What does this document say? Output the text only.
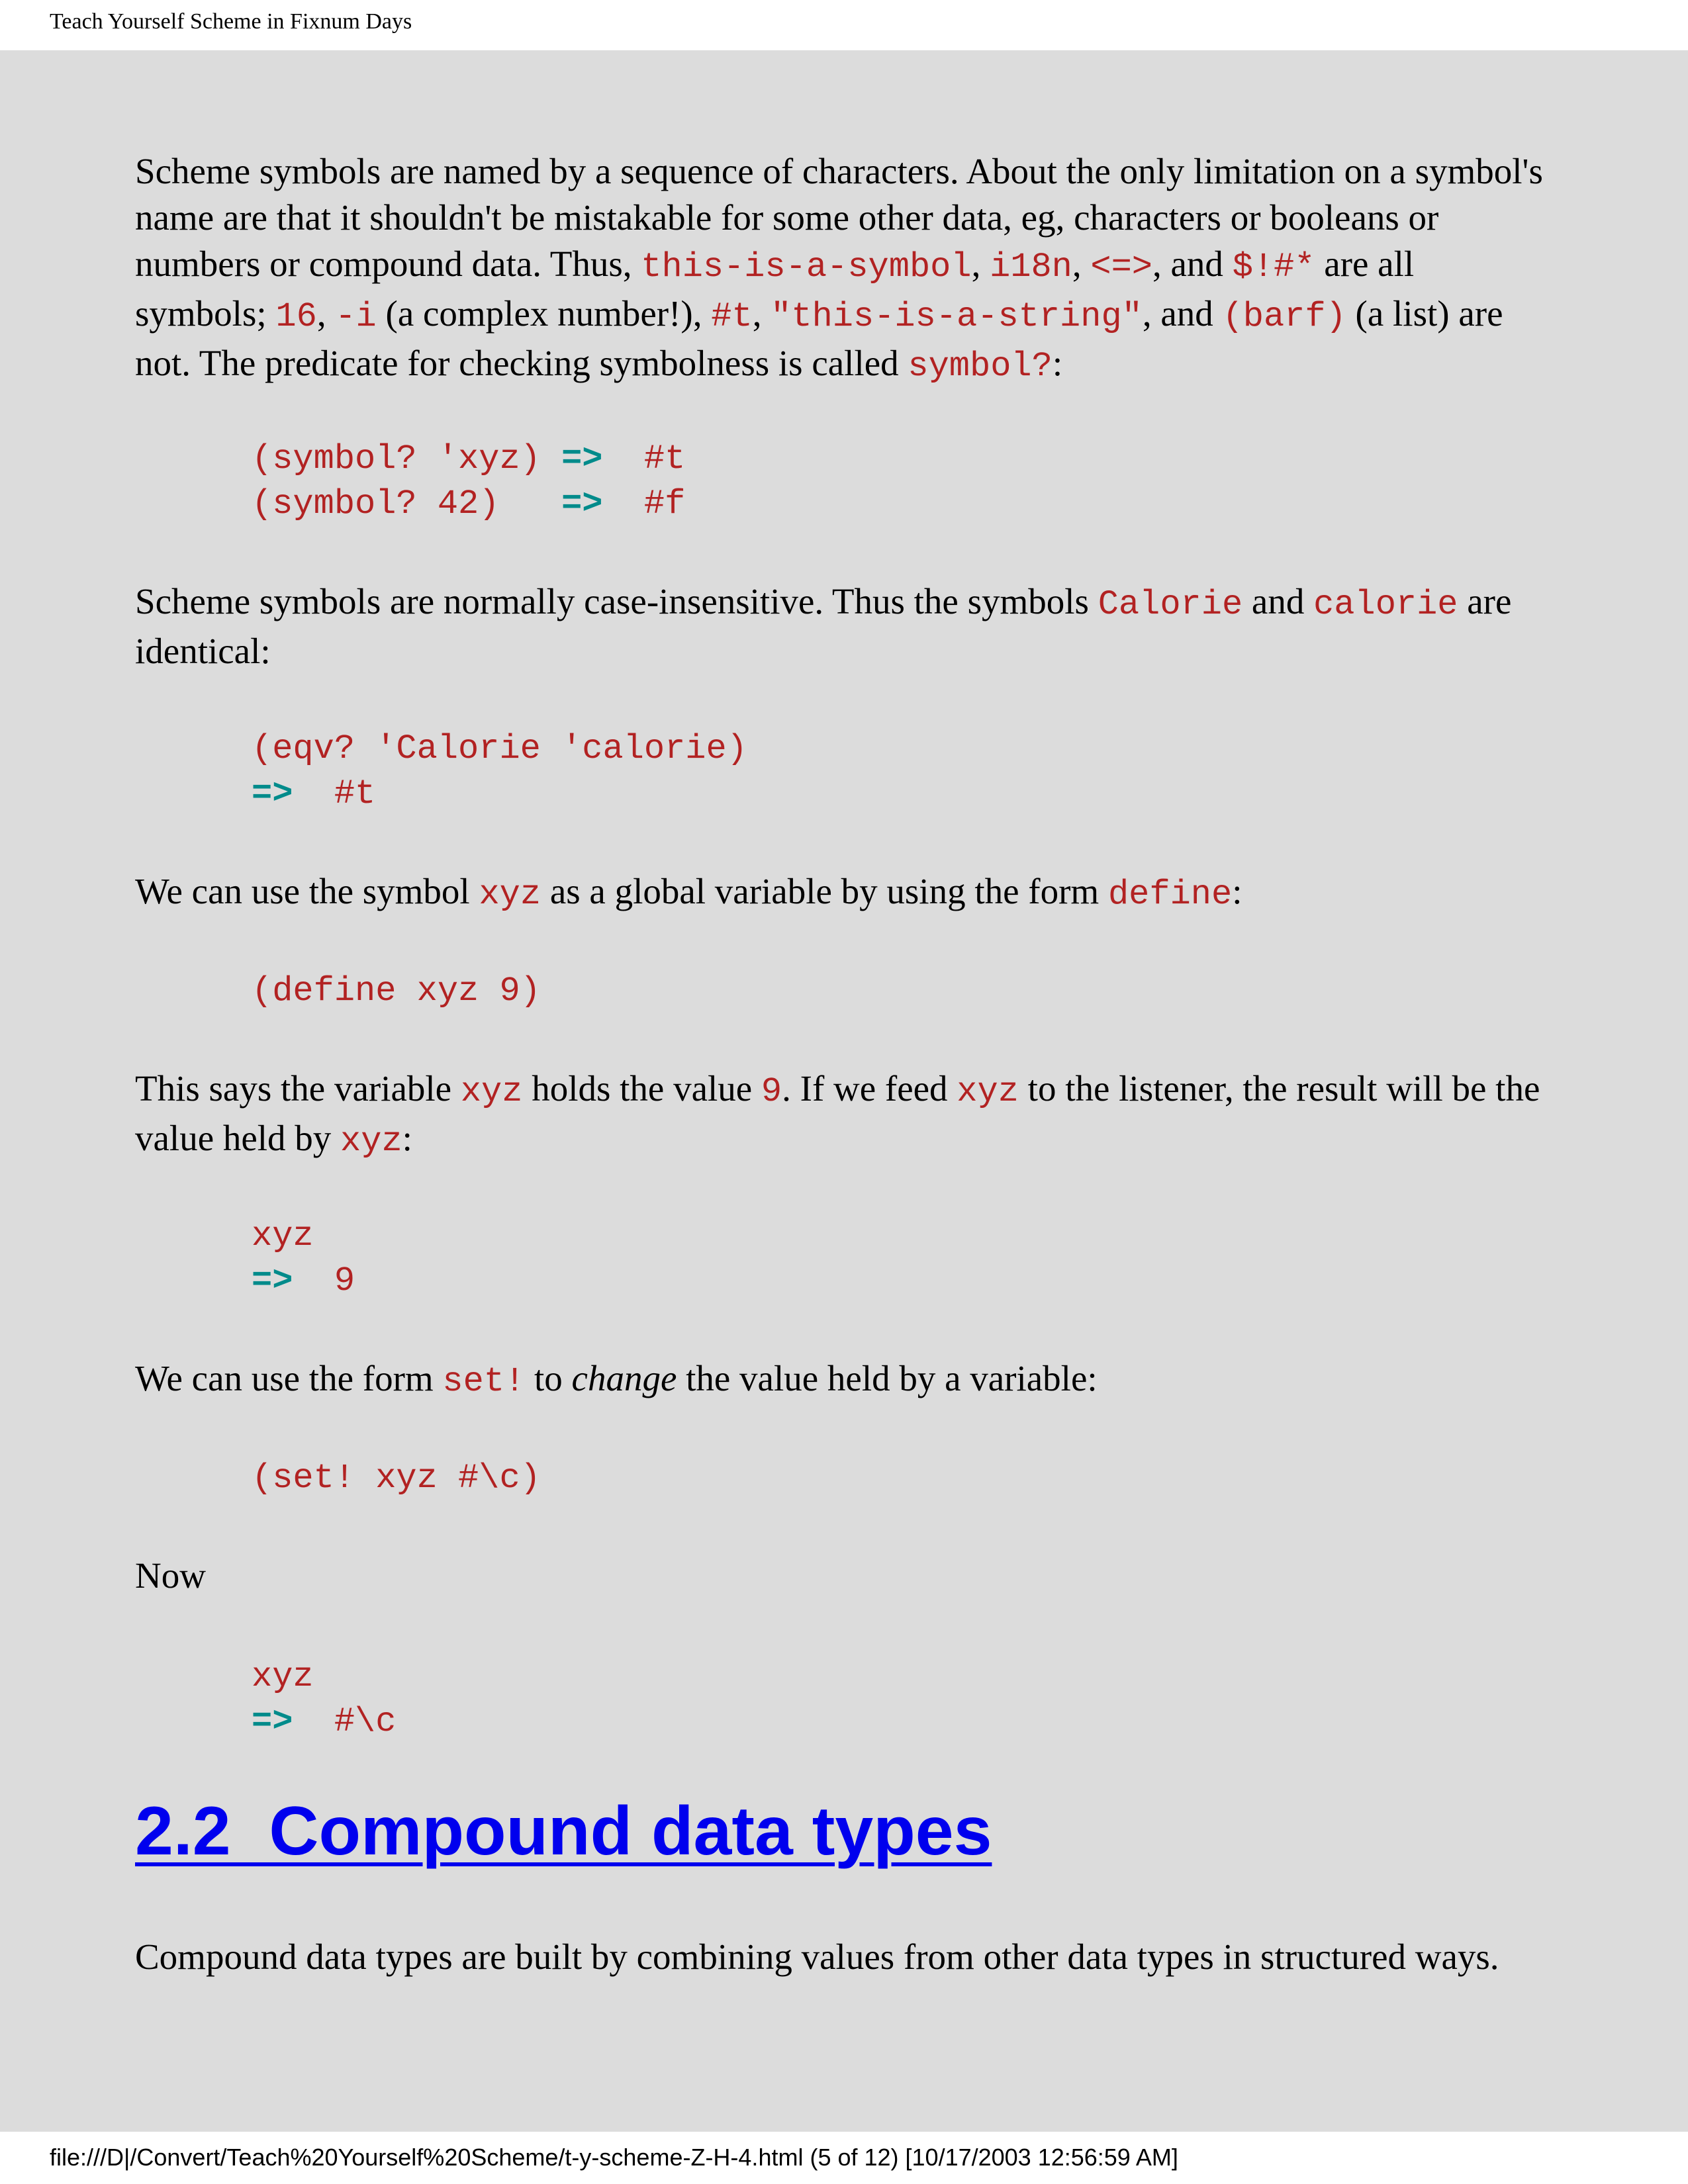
Teach Yourself Scheme in Fixnum Days

Scheme symbols are named by a sequence of characters. About the only limitation on a symbol's name are that it shouldn't be mistakable for some other data, eg, characters or booleans or numbers or compound data. Thus, this-is-a-symbol, i18n, <=>, and $!#* are all symbols; 16, -i (a complex number!), #t, "this-is-a-string", and (barf) (a list) are not. The predicate for checking symbolness is called symbol?:

(symbol? 'xyz) =>  #t
(symbol? 42)   =>  #f

Scheme symbols are normally case-insensitive. Thus the symbols Calorie and calorie are identical:

(eqv? 'Calorie 'calorie)
=>  #t

We can use the symbol xyz as a global variable by using the form define:

(define xyz 9)

This says the variable xyz holds the value 9. If we feed xyz to the listener, the result will be the value held by xyz:

xyz
=>  9

We can use the form set! to change the value held by a variable:

(set! xyz #\c)

Now

xyz
=>  #\c
2.2  Compound data types

Compound data types are built by combining values from other data types in structured ways.

file:///D|/Convert/Teach%20Yourself%20Scheme/t-y-scheme-Z-H-4.html (5 of 12) [10/17/2003 12:56:59 AM]
